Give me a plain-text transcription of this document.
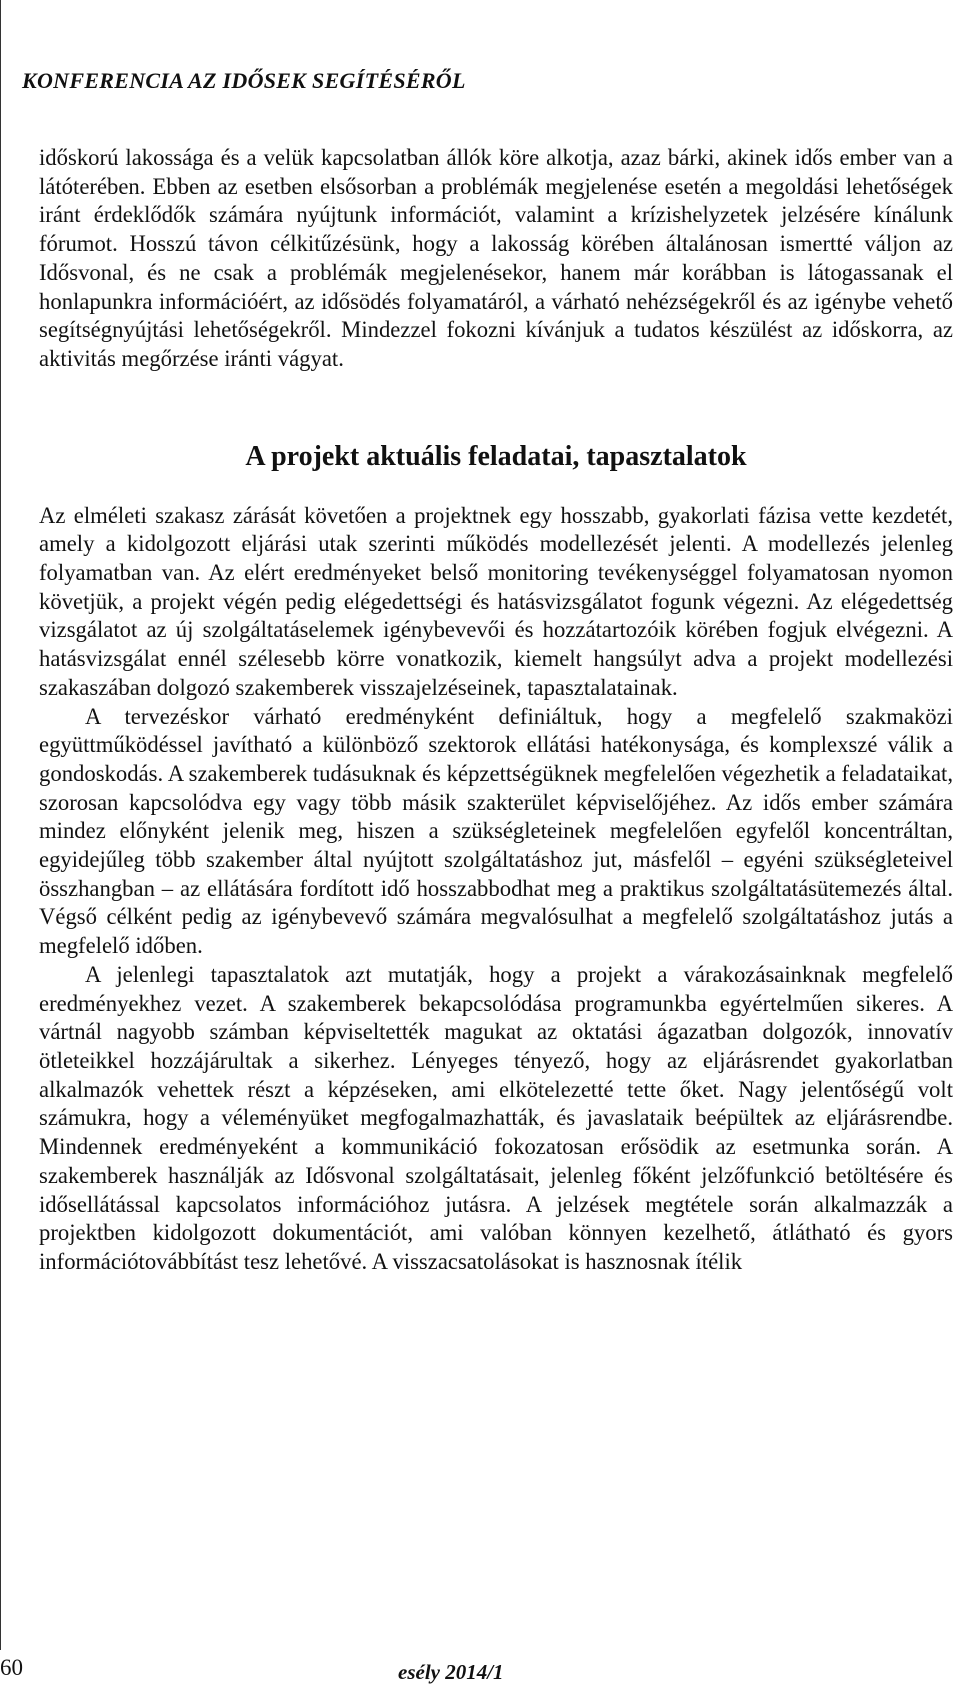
KONFERENCIA AZ IDŐSEK SEGÍTÉSÉRŐL

időskorú lakossága és a velük kapcsolatban állók köre alkotja, azaz bárki, akinek idős ember van a látóterében. Ebben az esetben elsősorban a problémák megjelenése esetén a megoldási lehetőségek iránt érdeklődők számára nyújtunk információt, valamint a krízishelyzetek jelzésére kínálunk fórumot. Hosszú távon célkitűzésünk, hogy a lakosság körében általánosan ismertté váljon az Idősvonal, és ne csak a problémák megjelenésekor, hanem már korábban is látogassanak el honlapunkra információért, az idősödés folyamatáról, a várható nehézségekről és az igénybe vehető segítségnyújtási lehetőségekről. Mindezzel fokozni kívánjuk a tudatos készülést az időskorra, az aktivitás megőrzése iránti vágyat.

A projekt aktuális feladatai, tapasztalatok

Az elméleti szakasz zárását követően a projektnek egy hosszabb, gyakorlati fázisa vette kezdetét, amely a kidolgozott eljárási utak szerinti működés modellezését jelenti. A modellezés jelenleg folyamatban van. Az elért eredményeket belső monitoring tevékenységgel folyamatosan nyomon követjük, a projekt végén pedig elégedettségi és hatásvizsgálatot fogunk végezni. Az elégedettség vizsgálatot az új szolgáltatáselemek igénybevevői és hozzátartozóik körében fogjuk elvégezni. A hatásvizsgálat ennél szélesebb körre vonatkozik, kiemelt hangsúlyt adva a projekt modellezési szakaszában dolgozó szakemberek visszajelzéseinek, tapasztalatainak.

A tervezéskor várható eredményként definiáltuk, hogy a megfelelő szakmaközi együttműködéssel javítható a különböző szektorok ellátási hatékonysága, és komplexszé válik a gondoskodás. A szakemberek tudásuknak és képzettségüknek megfelelően végezhetik a feladataikat, szorosan kapcsolódva egy vagy több másik szakterület képviselőjéhez. Az idős ember számára mindez előnyként jelenik meg, hiszen a szükségleteinek megfelelően egyfelől koncentráltan, egyidejűleg több szakember által nyújtott szolgáltatáshoz jut, másfelől – egyéni szükségleteivel összhangban – az ellátására fordított idő hosszabbodhat meg a praktikus szolgáltatásütemezés által. Végső célként pedig az igénybevevő számára megvalósulhat a megfelelő szolgáltatáshoz jutás a megfelelő időben.

A jelenlegi tapasztalatok azt mutatják, hogy a projekt a várakozásainknak megfelelő eredményekhez vezet. A szakemberek bekapcsolódása programunkba egyértelműen sikeres. A vártnál nagyobb számban képviseltették magukat az oktatási ágazatban dolgozók, innovatív ötleteikkel hozzájárultak a sikerhez. Lényeges tényező, hogy az eljárásrendet gyakorlatban alkalmazók vehettek részt a képzéseken, ami elkötelezetté tette őket. Nagy jelentőségű volt számukra, hogy a véleményüket megfogalmazhatták, és javaslataik beépültek az eljárásrendbe. Mindennek eredményeként a kommunikáció fokozatosan erősödik az esetmunka során. A szakemberek használják az Idősvonal szolgáltatásait, jelenleg főként jelzőfunkció betöltésére és idősellátással kapcsolatos információhoz jutásra. A jelzések megtétele során alkalmazzák a projektben kidolgozott dokumentációt, ami valóban könnyen kezelhető, átlátható és gyors információtovábbítást tesz lehetővé. A visszacsatolásokat is hasznosnak ítélik

60	esély 2014/1
